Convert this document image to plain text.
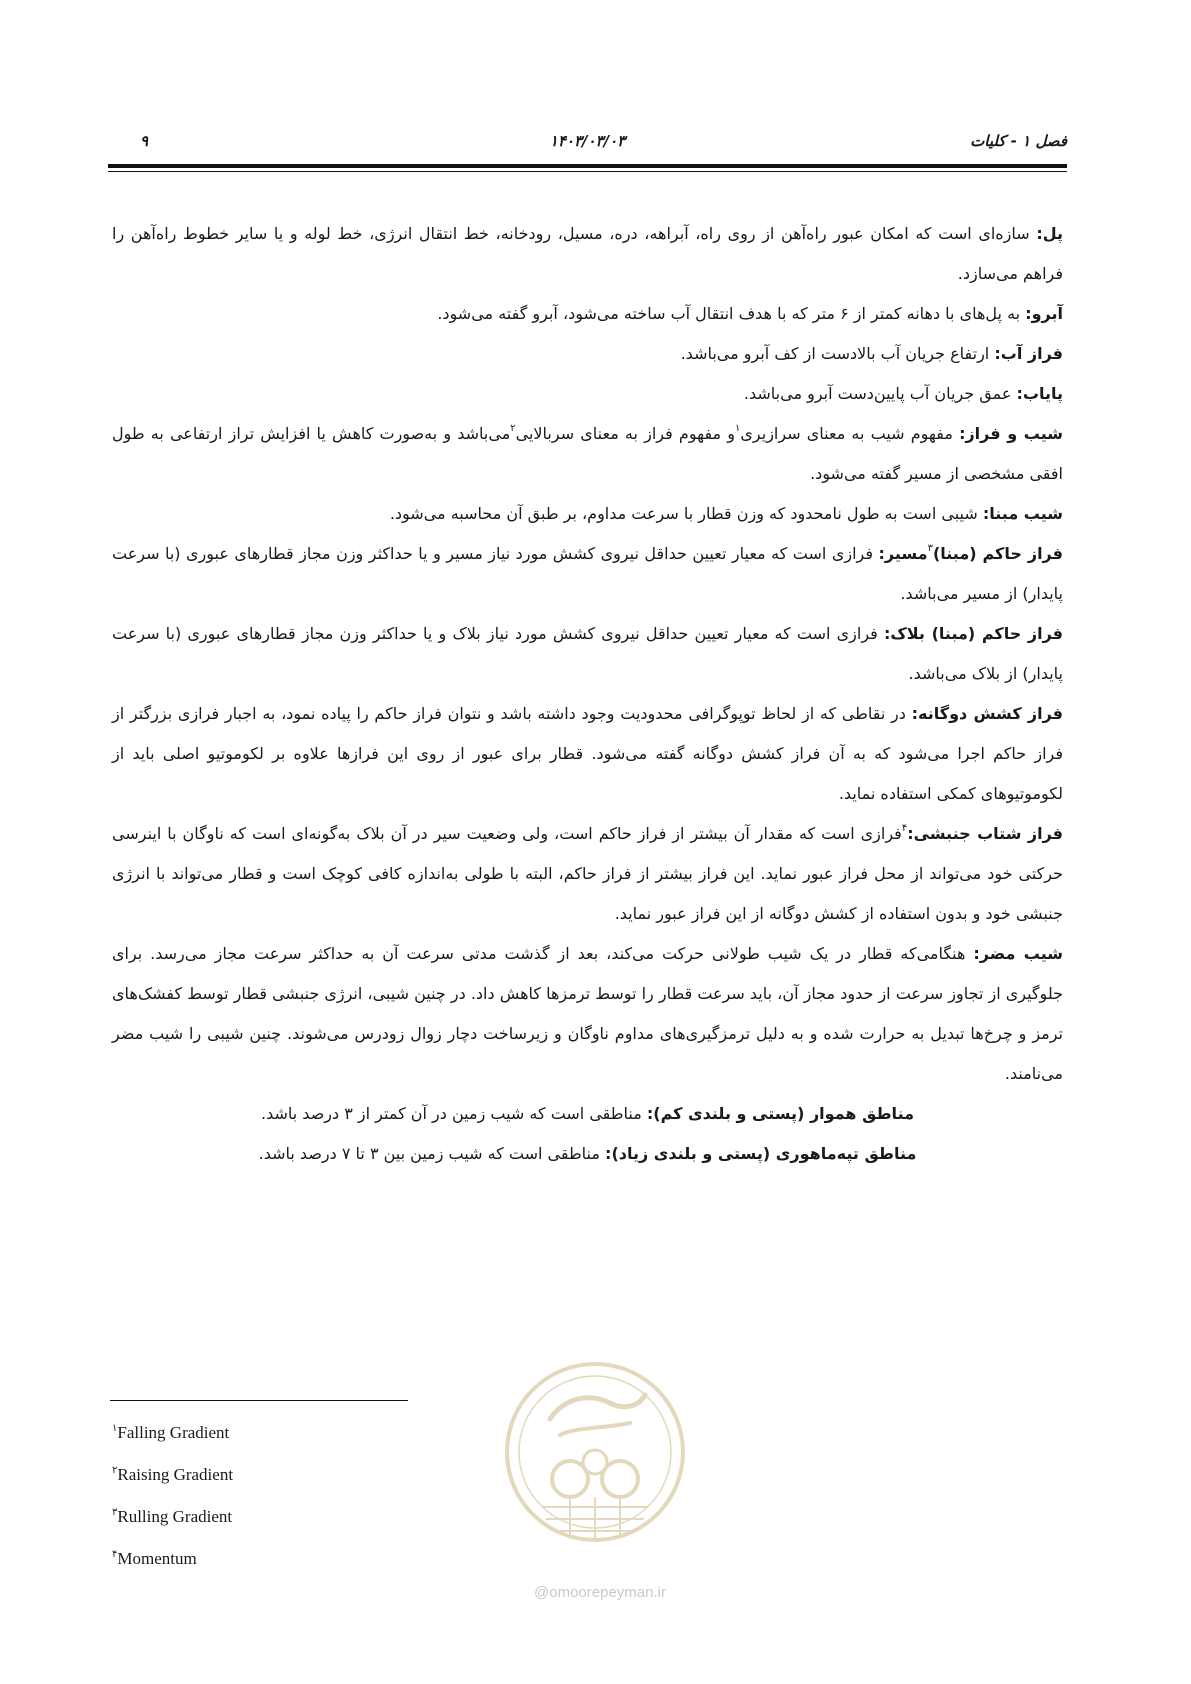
فصل ۱ - کلیات
۱۴۰۳/۰۳/۰۳
۹

پل: سازه‌ای است که امکان عبور راه‌آهن از روی راه، آبراهه، دره، مسیل، رودخانه، خط انتقال انرژی، خط لوله و یا سایر خطوط راه‌آهن را فراهم می‌سازد.

آبرو: به پل‌های با دهانه کمتر از ۶ متر که با هدف انتقال آب ساخته می‌شود، آبرو گفته می‌شود.

فراز آب: ارتفاع جریان آب بالادست از کف آبرو می‌باشد.

پایاب: عمق جریان آب پایین‌دست آبرو می‌باشد.

شیب و فراز: مفهوم شیب به معنای سرازیری$^۱$و مفهوم فراز به معنای سربالایی$^۲$می‌باشد و به‌صورت کاهش یا افزایش تراز ارتفاعی به طول افقی مشخصی از مسیر گفته می‌شود.

شیب مبنا: شیبی است به طول نامحدود که وزن قطار با سرعت مداوم، بر طبق آن محاسبه می‌شود.

فراز حاکم (مبنا)$^۳$مسیر: فرازی است که معیار تعیین حداقل نیروی کشش مورد نیاز مسیر و یا حداکثر وزن مجاز قطارهای عبوری (با سرعت پایدار) از مسیر می‌باشد.

فراز حاکم (مبنا) بلاک: فرازی است که معیار تعیین حداقل نیروی کشش مورد نیاز بلاک و یا حداکثر وزن مجاز قطارهای عبوری (با سرعت پایدار) از بلاک می‌باشد.

فراز کشش دوگانه: در نقاطی که از لحاظ توپوگرافی محدودیت وجود داشته باشد و نتوان فراز حاکم را پیاده نمود، به اجبار فرازی بزرگتر از فراز حاکم اجرا می‌شود که به آن فراز کشش دوگانه گفته می‌شود. قطار برای عبور از روی این فرازها علاوه بر لکوموتیو اصلی باید از لکوموتیوهای کمکی استفاده نماید.

فراز شتاب جنبشی:$^۴$فرازی است که مقدار آن بیشتر از فراز حاکم است، ولی وضعیت سیر در آن بلاک به‌گونه‌ای است که ناوگان با اینرسی حرکتی خود می‌تواند از محل فراز عبور نماید. این فراز بیشتر از فراز حاکم، البته با طولی به‌اندازه کافی کوچک است و قطار می‌تواند با انرژی جنبشی خود و بدون استفاده از کشش دوگانه از این فراز عبور نماید.

شیب مضر: هنگامی‌که قطار در یک شیب طولانی حرکت می‌کند، بعد از گذشت مدتی سرعت آن به حداکثر سرعت مجاز می‌رسد. برای جلوگیری از تجاوز سرعت از حدود مجاز آن، باید سرعت قطار را توسط ترمزها کاهش داد. در چنین شیبی، انرژی جنبشی قطار توسط کفشک‌های ترمز و چرخ‌ها تبدیل به حرارت شده و به دلیل ترمزگیری‌های مداوم ناوگان و زیرساخت دچار زوال زودرس می‌شوند. چنین شیبی را شیب مضر می‌نامند.

مناطق هموار (پستی و بلندی کم): مناطقی است که شیب زمین در آن کمتر از ۳ درصد باشد.

مناطق تپه‌ماهوری (پستی و بلندی زیاد): مناطقی است که شیب زمین بین ۳ تا ۷ درصد باشد.

@omoorepeyman.ir
$^۱$Falling Gradient
$^۲$Raising Gradient
$^۳$Rulling Gradient
$^۴$Momentum
